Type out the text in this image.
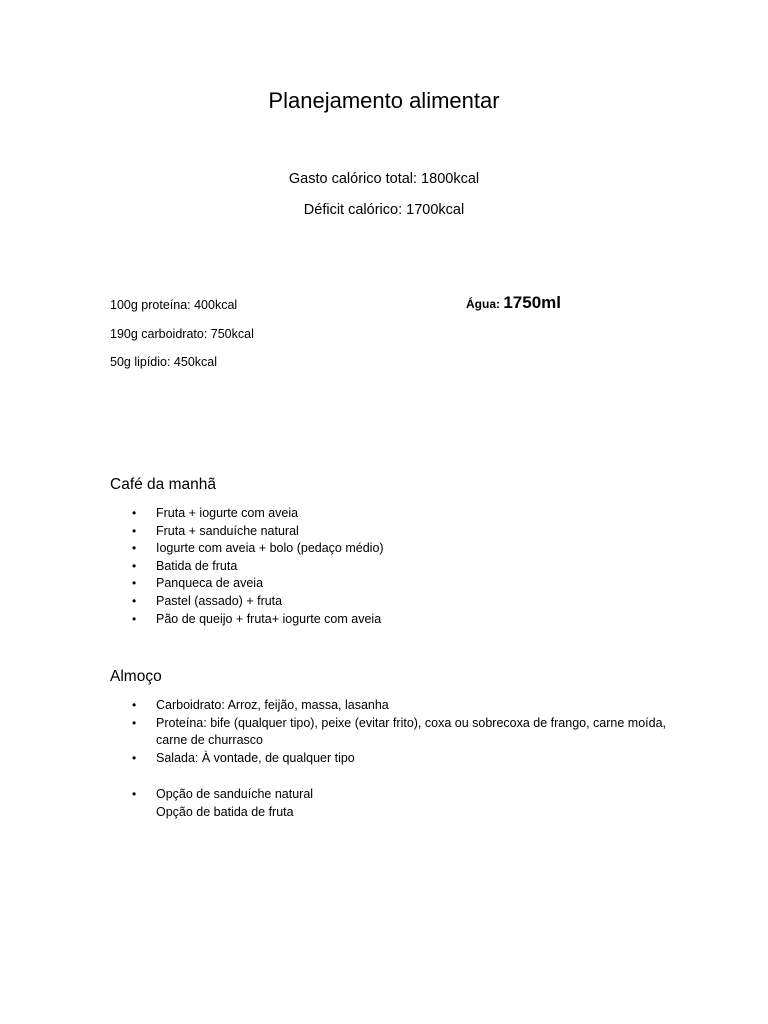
Planejamento alimentar
Gasto calórico total: 1800kcal
Déficit calórico: 1700kcal
100g proteína: 400kcal
190g carboidrato: 750kcal
50g lipídio: 450kcal
Água: 1750ml
Café da manhã
• Fruta + iogurte com aveia
• Fruta + sanduíche natural
• Iogurte com aveia + bolo (pedaço médio)
• Batida de fruta
• Panqueca de aveia
• Pastel (assado) + fruta
• Pão de queijo + fruta+ iogurte com aveia
Almoço
• Carboidrato: Arroz, feijão, massa, lasanha
• Proteína: bife (qualquer tipo), peixe (evitar frito), coxa ou sobrecoxa de frango, carne moída, carne de churrasco
• Salada: À vontade, de qualquer tipo
• Opção de sanduíche natural
Opção de batida de fruta
